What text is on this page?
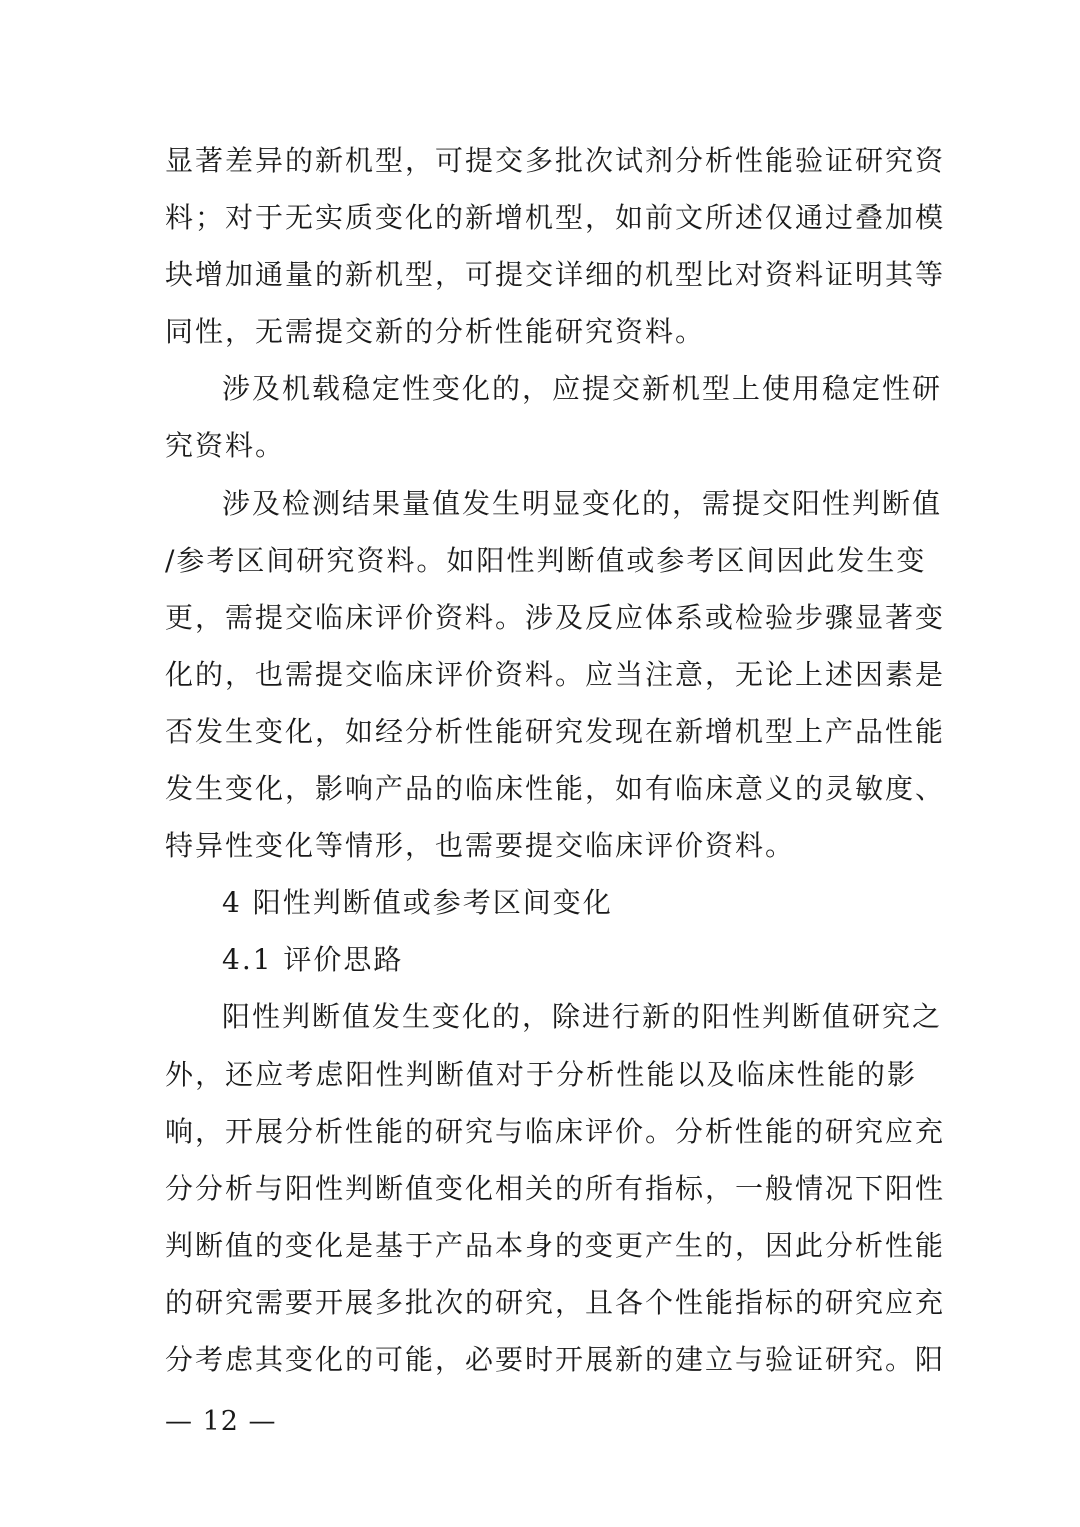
显著差异的新机型，可提交多批次试剂分析性能验证研究资
料；对于无实质变化的新增机型，如前文所述仅通过叠加模
块增加通量的新机型，可提交详细的机型比对资料证明其等
同性，无需提交新的分析性能研究资料。
涉及机载稳定性变化的，应提交新机型上使用稳定性研
究资料。
涉及检测结果量值发生明显变化的，需提交阳性判断值
/参考区间研究资料。如阳性判断值或参考区间因此发生变
更，需提交临床评价资料。涉及反应体系或检验步骤显著变
化的，也需提交临床评价资料。应当注意，无论上述因素是
否发生变化，如经分析性能研究发现在新增机型上产品性能
发生变化，影响产品的临床性能，如有临床意义的灵敏度、
特异性变化等情形，也需要提交临床评价资料。
4 阳性判断值或参考区间变化
4.1 评价思路
阳性判断值发生变化的，除进行新的阳性判断值研究之
外，还应考虑阳性判断值对于分析性能以及临床性能的影
响，开展分析性能的研究与临床评价。分析性能的研究应充
分分析与阳性判断值变化相关的所有指标，一般情况下阳性
判断值的变化是基于产品本身的变更产生的，因此分析性能
的研究需要开展多批次的研究，且各个性能指标的研究应充
分考虑其变化的可能，必要时开展新的建立与验证研究。阳
— 12 —
